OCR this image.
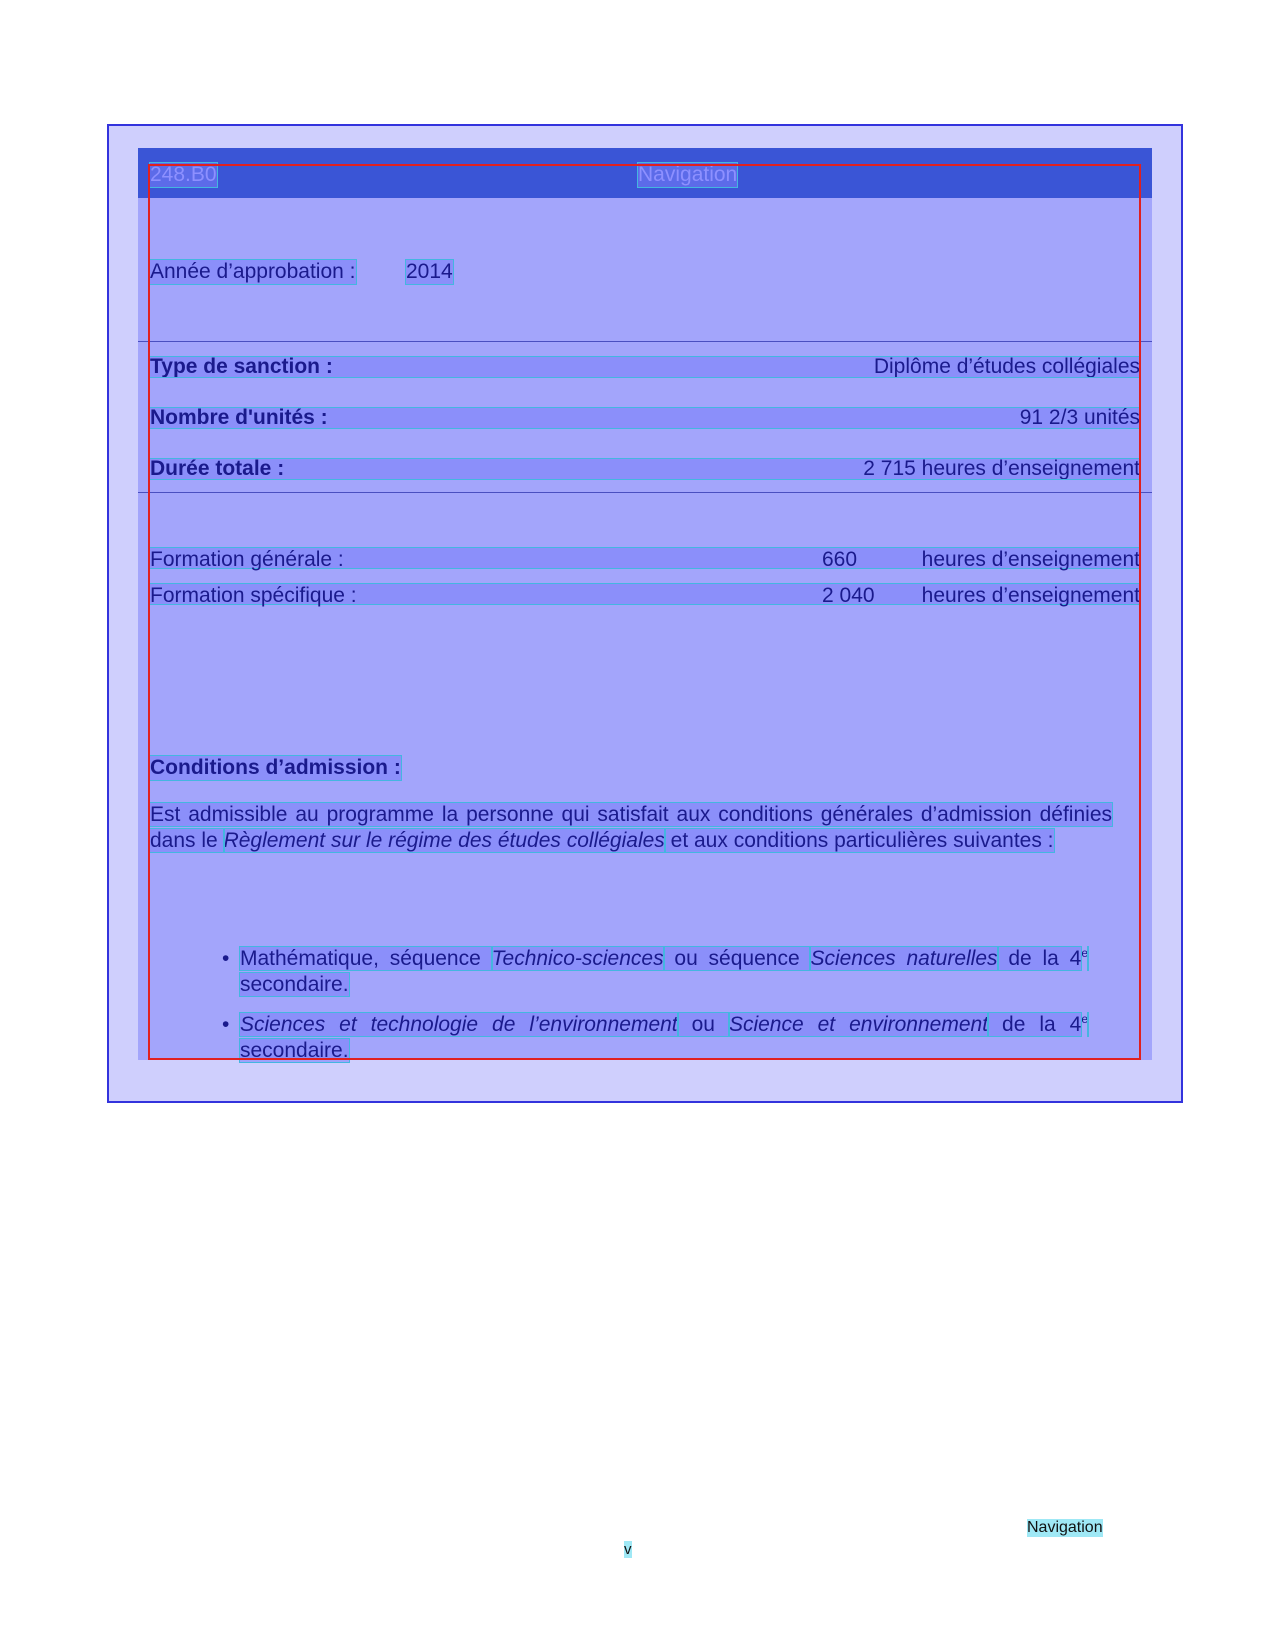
248.B0	Navigation
Année d’approbation : 2014
Type de sanction :	Diplôme d’études collégiales
Nombre d'unités :	91 2/3 unités
Durée totale :	2 715 heures d’enseignement
Formation générale :	660	heures d’enseignement
Formation spécifique :	2 040 heures d’enseignement
Conditions d’admission :
Est admissible au programme la personne qui satisfait aux conditions générales d’admission définies dans le Règlement sur le régime des études collégiales et aux conditions particulières suivantes :
• Mathématique, séquence Technico-sciences ou séquence Sciences naturelles de la 4e secondaire.
• Sciences et technologie de l’environnement ou Science et environnement de la 4e secondaire.
Navigation
v
